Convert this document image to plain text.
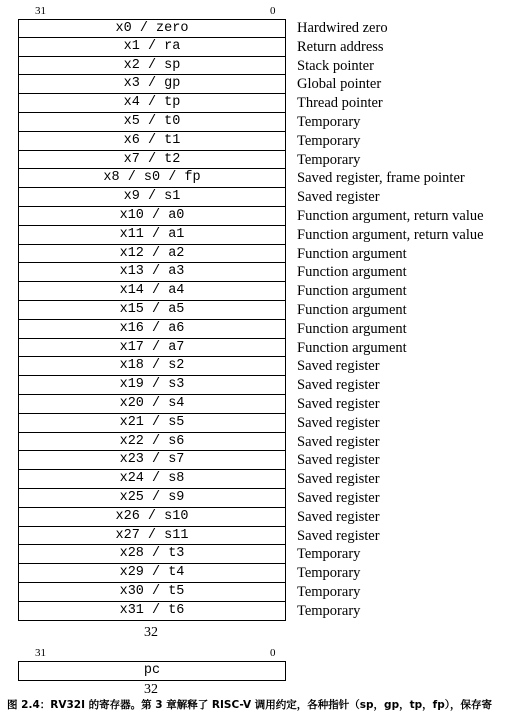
31	0
x0 / zero
x1 / ra
x2 / sp
x3 / gp
x4 / tp
x5 / t0
x6 / t1
x7 / t2
x8 / s0 / fp
x9 / s1
x10 / a0
x11 / a1
x12 / a2
x13 / a3
x14 / a4
x15 / a5
x16 / a6
x17 / a7
x18 / s2
x19 / s3
x20 / s4
x21 / s5
x22 / s6
x23 / s7
x24 / s8
x25 / s9
x26 / s10
x27 / s11
x28 / t3
x29 / t4
x30 / t5
x31 / t6
Hardwired zero
Return address
Stack pointer
Global pointer
Thread pointer
Temporary
Temporary
Temporary
Saved register, frame pointer
Saved register
Function argument, return value
Function argument, return value
Function argument
Function argument
Function argument
Function argument
Function argument
Function argument
Saved register
Saved register
Saved register
Saved register
Saved register
Saved register
Saved register
Saved register
Saved register
Saved register
Temporary
Temporary
Temporary
Temporary
32
31	0
pc
32
图 2.4：RV32I 的寄存器。第 3 章解释了 RISC-V 调用约定，各种指针（sp，gp，tp，fp），保存寄
